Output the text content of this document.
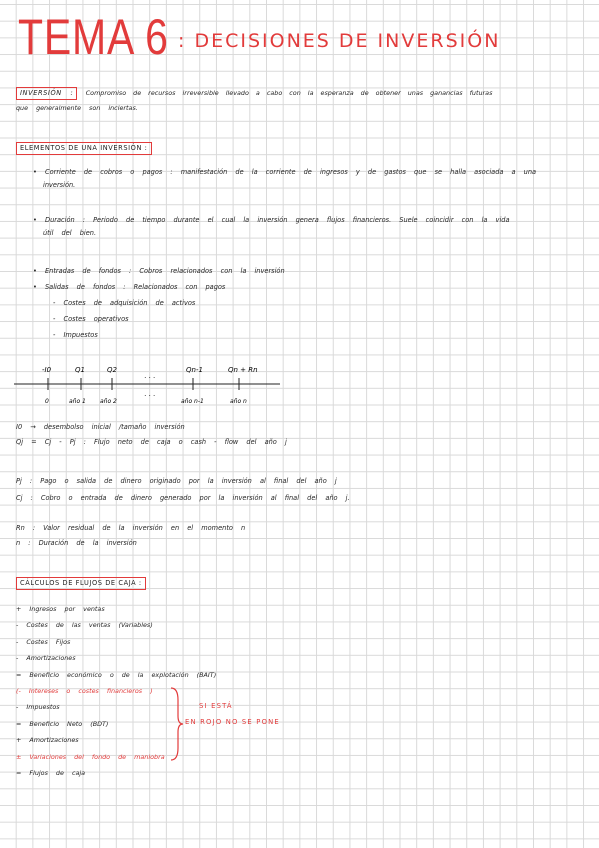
TEMA 6 : DECISIONES DE INVERSIÓN
INVERSIÓN : Compromiso de recursos irreversible llevado a cabo con la esperanza de obtener unas ganancias futuras
que generalmente son inciertas.
ELEMENTOS DE UNA INVERSIÓN :
• Corriente de cobros o pagos : manifestación de la corriente de ingresos y de gastos que se halla asociada a una
inversión.
• Duración : Periodo de tiempo durante el cual la inversión genera flujos financieros. Suele coincidir con la vida
útil del bien.
• Entradas de fondos : Cobros relacionados con la inversión
• Salidas de fondos : Relacionados con pagos
- Costes de adquisición de activos
- Costes operativos
- Impuestos
-I0	Q1	Q2
· · ·
Qn-1	Qn + Rn
0	año 1 año 2
· · ·
año n-1	año n
I0 → desembolso inicial /tamaño inversión
Qj = Cj - Pj : Flujo neto de caja o cash - flow del año j
Pj : Pago o salida de dinero originado por la inversión al final del año j
Cj : Cobro o entrada de dinero generado por la inversión al final del año j.
Rn : Valor residual de la inversión en el momento n
n : Duración de la inversión
CÁLCULOS DE FLUJOS DE CAJA :
+ Ingresos por ventas
- Costes de las ventas (Variables)
- Costes Fijos
- Amortizaciones
= Beneficio económico o de la explotación (BAIT)
(- Intereses o costes financieros )
- Impuestos
= Beneficio Neto (BDT)
+ Amortizaciones
± Variaciones del fondo de maniobra
= Flujos de caja
SI ESTÁ
EN ROJO NO SE PONE
